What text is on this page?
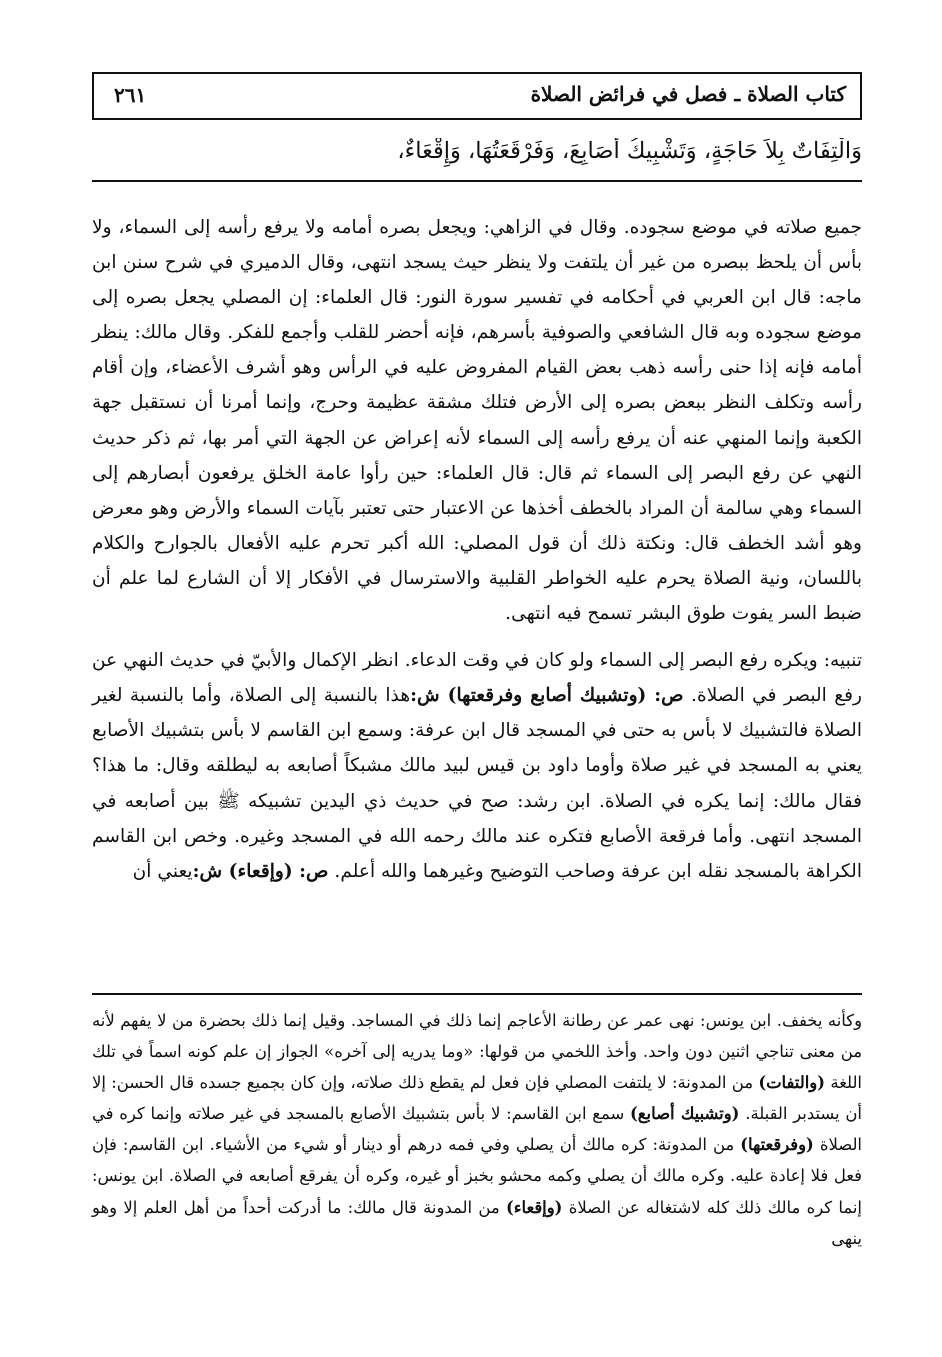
كتاب الصلاة ـ فصل في فرائض الصلاة
٢٦١
وَالْتِفَاتٌ بِلاَ حَاجَةٍ، وَتَشْبِيكُ أَصَابِعَ، وَفَرْقَعَتُهَا، وَإِقْعَاءٌ،

جميع صلاته في موضع سجوده. وقال في الزاهي: ويجعل بصره أمامه ولا يرفع رأسه إلى السماء، ولا بأس أن يلحظ ببصره من غير أن يلتفت ولا ينظر حيث يسجد انتهى، وقال الدميري في شرح سنن ابن ماجه: قال ابن العربي في أحكامه في تفسير سورة النور: قال العلماء: إن المصلي يجعل بصره إلى موضع سجوده وبه قال الشافعي والصوفية بأسرهم، فإنه أحضر للقلب وأجمع للفكر. وقال مالك: ينظر أمامه فإنه إذا حنى رأسه ذهب بعض القيام المفروض عليه في الرأس وهو أشرف الأعضاء، وإن أقام رأسه وتكلف النظر ببعض بصره إلى الأرض فتلك مشقة عظيمة وحرج، وإنما أمرنا أن نستقبل جهة الكعبة وإنما المنهي عنه أن يرفع رأسه إلى السماء لأنه إعراض عن الجهة التي أمر بها، ثم ذكر حديث النهي عن رفع البصر إلى السماء ثم قال: قال العلماء: حين رأوا عامة الخلق يرفعون أبصارهم إلى السماء وهي سالمة أن المراد بالخطف أخذها عن الاعتبار حتى تعتبر بآيات السماء والأرض وهو معرض وهو أشد الخطف قال: ونكتة ذلك أن قول المصلي: الله أكبر تحرم عليه الأفعال بالجوارح والكلام باللسان، ونية الصلاة يحرم عليه الخواطر القلبية والاسترسال في الأفكار إلا أن الشارع لما علم أن ضبط السر يفوت طوق البشر تسمح فيه انتهى.

تنبيه: ويكره رفع البصر إلى السماء ولو كان في وقت الدعاء. انظر الإكمال والأبيّ في حديث النهي عن رفع البصر في الصلاة. ص: (وتشبيك أصابع وفرقعتها) ش:هذا بالنسبة إلى الصلاة، وأما بالنسبة لغير الصلاة فالتشبيك لا بأس به حتى في المسجد قال ابن عرفة: وسمع ابن القاسم لا بأس بتشبيك الأصابع يعني به المسجد في غير صلاة وأوما داود بن قيس لبيد مالك مشبكاً أصابعه به ليطلقه وقال: ما هذا؟ فقال مالك: إنما يكره في الصلاة. ابن رشد: صح في حديث ذي اليدين تشبيكه ﷺ بين أصابعه في المسجد انتهى. وأما فرقعة الأصابع فتكره عند مالك رحمه الله في المسجد وغيره. وخص ابن القاسم الكراهة بالمسجد نقله ابن عرفة وصاحب التوضيح وغيرهما والله أعلم. ص: (وإقعاء) ش:يعني أن

وكأنه يخفف. ابن يونس: نهى عمر عن رطانة الأعاجم إنما ذلك في المساجد. وقيل إنما ذلك بحضرة من لا يفهم لأنه من معنى تناجي اثنين دون واحد. وأخذ اللخمي من قولها: «وما يدريه إلى آخره» الجواز إن علم كونه اسماً في تلك اللغة (والتفات) من المدونة: لا يلتفت المصلي فإن فعل لم يقطع ذلك صلاته، وإن كان بجميع جسده قال الحسن: إلا أن يستدبر القبلة. (وتشبيك أصابع) سمع ابن القاسم: لا بأس بتشبيك الأصابع بالمسجد في غير صلاته وإنما كره في الصلاة (وفرقعتها) من المدونة: كره مالك أن يصلي وفي فمه درهم أو دينار أو شيء من الأشياء. ابن القاسم: فإن فعل فلا إعادة عليه. وكره مالك أن يصلي وكمه محشو بخبز أو غيره، وكره أن يفرقع أصابعه في الصلاة. ابن يونس: إنما كره مالك ذلك كله لاشتغاله عن الصلاة (وإقعاء) من المدونة قال مالك: ما أدركت أحداً من أهل العلم إلا وهو ينهى
